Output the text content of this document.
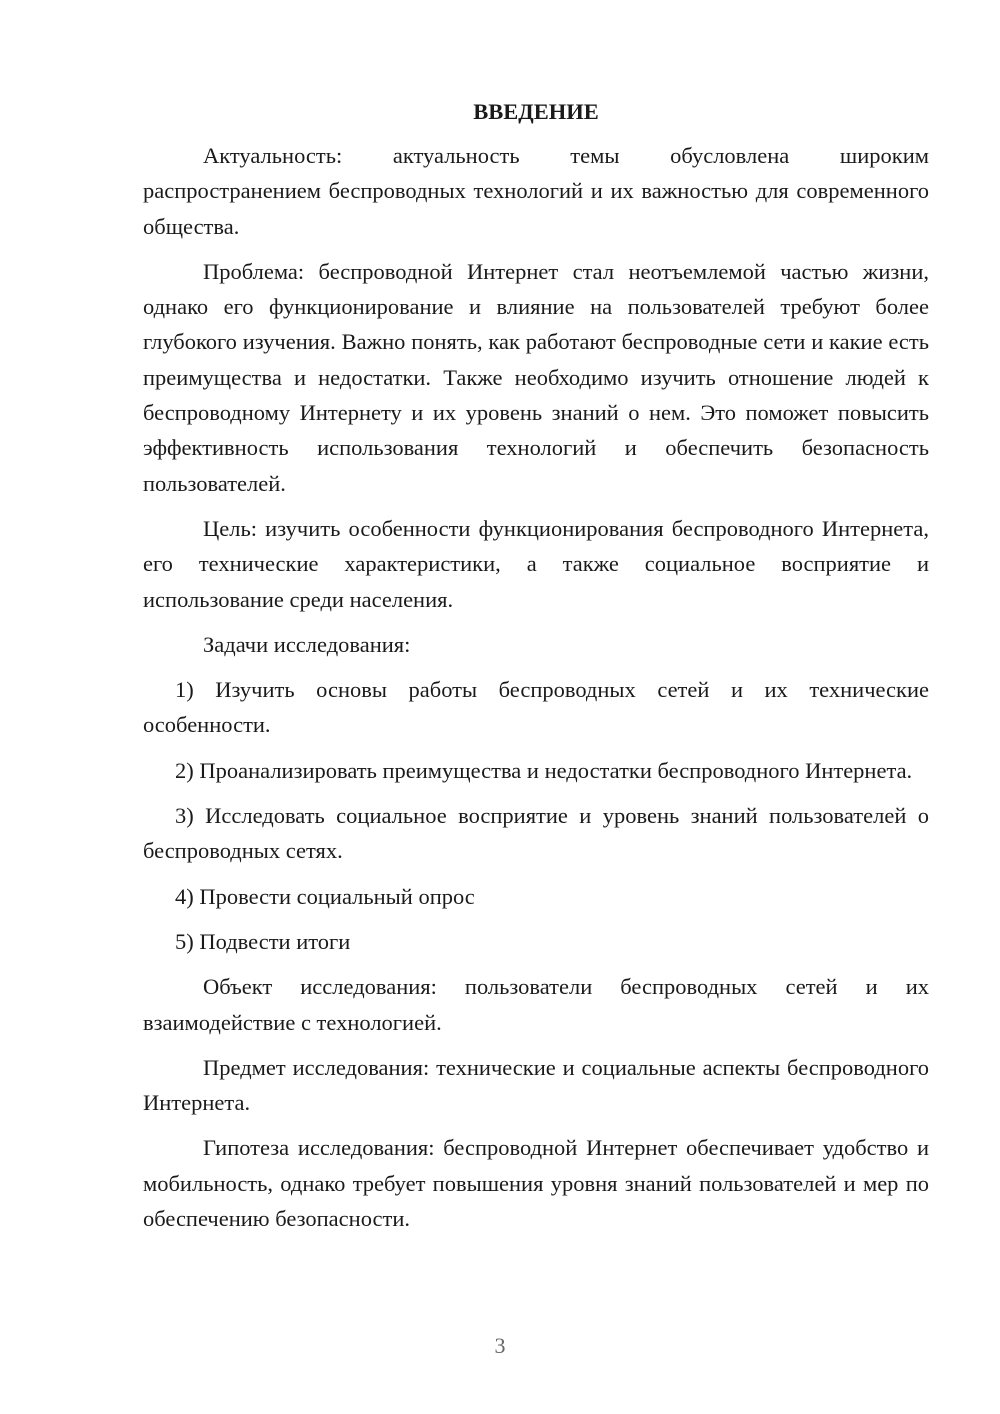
ВВЕДЕНИЕ

Актуальность: актуальность темы обусловлена широким распространением беспроводных технологий и их важностью для современного общества.

Проблема: беспроводной Интернет стал неотъемлемой частью жизни, однако его функционирование и влияние на пользователей требуют более глубокого изучения. Важно понять, как работают беспроводные сети и какие есть преимущества и недостатки. Также необходимо изучить отношение людей к беспроводному Интернету и их уровень знаний о нем. Это поможет повысить эффективность использования технологий и обеспечить безопасность пользователей.

Цель: изучить особенности функционирования беспроводного Интернета, его технические характеристики, а также социальное восприятие и использование среди населения.

Задачи исследования:

1) Изучить основы работы беспроводных сетей и их технические особенности.

2) Проанализировать преимущества и недостатки беспроводного Интернета.

3) Исследовать социальное восприятие и уровень знаний пользователей о беспроводных сетях.

4) Провести социальный опрос

5) Подвести итоги

Объект исследования: пользователи беспроводных сетей и их взаимодействие с технологией.

Предмет исследования: технические и социальные аспекты беспроводного Интернета.

Гипотеза исследования: беспроводной Интернет обеспечивает удобство и мобильность, однако требует повышения уровня знаний пользователей и мер по обеспечению безопасности.

3
